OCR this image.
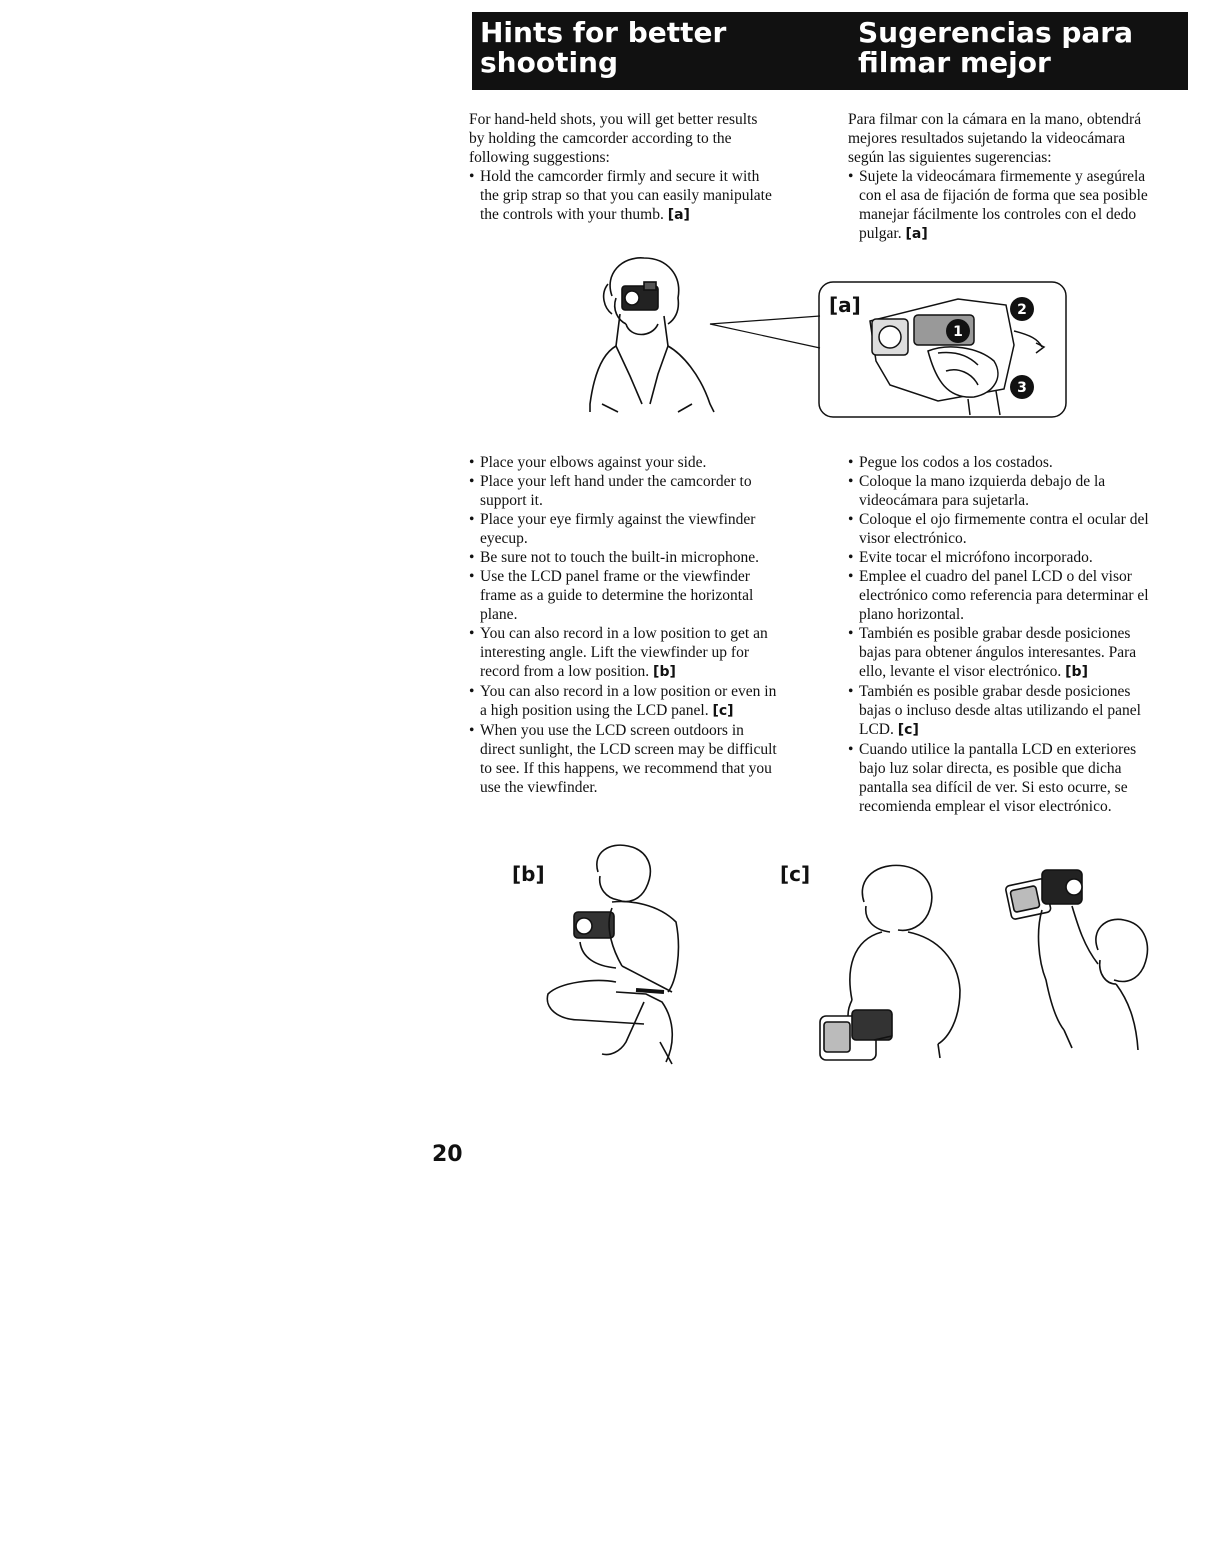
Hints for better
shooting
Sugerencias para
filmar mejor
For hand-held shots, you will get better results
by holding the camcorder according to the
following suggestions:
Para filmar con la cámara en la mano, obtendrá
mejores resultados sujetando la videocámara
según las siguientes sugerencias:
• Hold the camcorder firmly and secure it with
the grip strap so that you can easily manipulate
the controls with your thumb. [a]
• Sujete la videocámara firmemente y asegúrela
con el asa de fijación de forma que sea posible
manejar fácilmente los controles con el dedo
pulgar. [a]
[a]
1
2
3
• Place your elbows against your side.
• Place your left hand under the camcorder to
support it.
• Place your eye firmly against the viewfinder
eyecup.
• Be sure not to touch the built-in microphone.
• Use the LCD panel frame or the viewfinder
frame as a guide to determine the horizontal
plane.
• You can also record in a low position to get an
interesting angle. Lift the viewfinder up for
record from a low position. [b]
• You can also record in a low position or even in
a high position using the LCD panel. [c]
• When you use the LCD screen outdoors in
direct sunlight, the LCD screen may be difficult
to see. If this happens, we recommend that you
use the viewfinder.
• Pegue los codos a los costados.
• Coloque la mano izquierda debajo de la
videocámara para sujetarla.
• Coloque el ojo firmemente contra el ocular del
visor electrónico.
• Evite tocar el micrófono incorporado.
• Emplee el cuadro del panel LCD o del visor
electrónico como referencia para determinar el
plano horizontal.
• También es posible grabar desde posiciones
bajas para obtener ángulos interesantes. Para
ello, levante el visor electrónico. [b]
• También es posible grabar desde posiciones
bajas o incluso desde altas utilizando el panel
LCD. [c]
• Cuando utilice la pantalla LCD en exteriores
bajo luz solar directa, es posible que dicha
pantalla sea difícil de ver. Si esto ocurre, se
recomienda emplear el visor electrónico.
[b]	[c]
20
